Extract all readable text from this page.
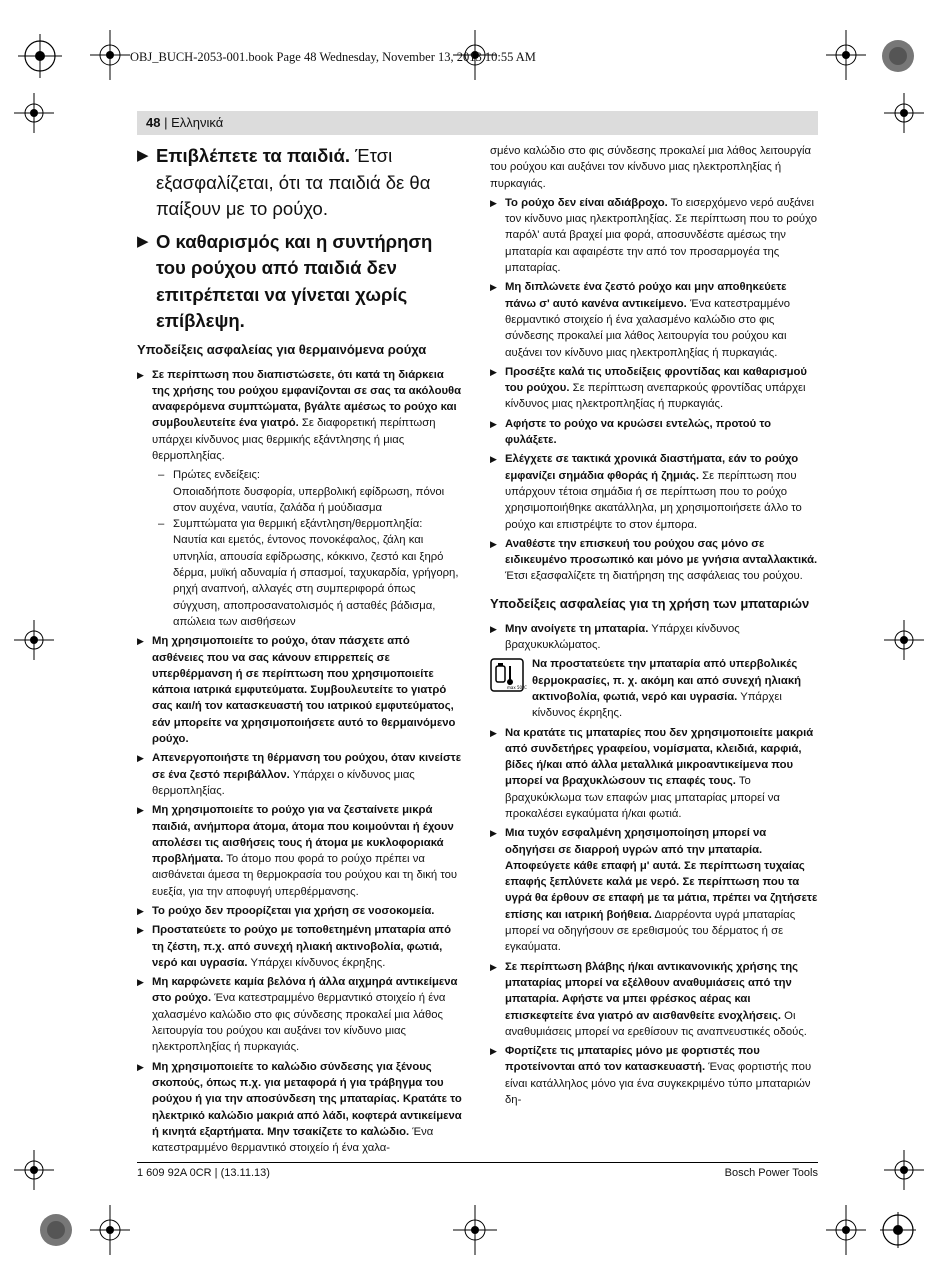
OBJ_BUCH-2053-001.book Page 48 Wednesday, November 13, 2013 10:55 AM
48 | Ελληνικά
▶ Επιβλέπετε τα παιδιά. Έτσι εξασφαλίζεται, ότι τα παιδιά δε θα παίξουν με το ρούχο.
▶ Ο καθαρισμός και η συντήρηση του ρούχου από παιδιά δεν επιτρέπεται να γίνεται χωρίς επίβλεψη.
Υποδείξεις ασφαλείας για θερμαινόμενα ρούχα
▶ Σε περίπτωση που διαπιστώσετε, ότι κατά τη διάρκεια της χρήσης του ρούχου εμφανίζονται σε σας τα ακόλουθα αναφερόμενα συμπτώματα, βγάλτε αμέσως το ρούχο και συμβουλευτείτε ένα γιατρό. Σε διαφορετική περίπτωση υπάρχει κίνδυνος μιας θερμικής εξάντλησης ή μιας θερμοπληξίας.
– Πρώτες ενδείξεις:
Οποιαδήποτε δυσφορία, υπερβολική εφίδρωση, πόνοι στον αυχένα, ναυτία, ζαλάδα ή μούδιασμα
– Συμπτώματα για θερμική εξάντληση/θερμοπληξία:
Ναυτία και εμετός, έντονος πονοκέφαλος, ζάλη και υπνηλία, απουσία εφίδρωσης, κόκκινο, ζεστό και ξηρό δέρμα, μυϊκή αδυναμία ή σπασμοί, ταχυκαρδία, γρήγορη, ρηχή αναπνοή, αλλαγές στη συμπεριφορά όπως σύγχυση, αποπροσανατολισμός ή ασταθές βάδισμα, απώλεια των αισθήσεων
▶ Μη χρησιμοποιείτε το ρούχο, όταν πάσχετε από ασθένειες που να σας κάνουν επιρρεπείς σε υπερθέρμανση ή σε περίπτωση που χρησιμοποιείτε κάποια ιατρικά εμφυτεύματα. Συμβουλευτείτε το γιατρό σας και/ή τον κατασκευαστή του ιατρικού εμφυτεύματος, εάν μπορείτε να χρησιμοποιήσετε αυτό το θερμαινόμενο ρούχο.
▶ Απενεργοποιήστε τη θέρμανση του ρούχου, όταν κινείστε σε ένα ζεστό περιβάλλον. Υπάρχει ο κίνδυνος μιας θερμοπληξίας.
▶ Μη χρησιμοποιείτε το ρούχο για να ζεσταίνετε μικρά παιδιά, ανήμπορα άτομα, άτομα που κοιμούνται ή έχουν απολέσει τις αισθήσεις τους ή άτομα με κυκλοφοριακά προβλήματα. Το άτομο που φορά το ρούχο πρέπει να αισθάνεται άμεσα τη θερμοκρασία του ρούχου και τη δική του ευεξία, για την αποφυγή υπερθέρμανσης.
▶ Το ρούχο δεν προορίζεται για χρήση σε νοσοκομεία.
▶ Προστατεύετε το ρούχο με τοποθετημένη μπαταρία από τη ζέστη, π.χ. από συνεχή ηλιακή ακτινοβολία, φωτιά, νερό και υγρασία. Υπάρχει κίνδυνος έκρηξης.
▶ Μη καρφώνετε καμία βελόνα ή άλλα αιχμηρά αντικείμενα στο ρούχο. Ένα κατεστραμμένο θερμαντικό στοιχείο ή ένα χαλασμένο καλώδιο στο φις σύνδεσης προκαλεί μια λάθος λειτουργία του ρούχου και αυξάνει τον κίνδυνο μιας ηλεκτροπληξίας ή πυρκαγιάς.
▶ Μη χρησιμοποιείτε το καλώδιο σύνδεσης για ξένους σκοπούς, όπως π.χ. για μεταφορά ή για τράβηγμα του ρούχου ή για την αποσύνδεση της μπαταρίας. Κρατάτε το ηλεκτρικό καλώδιο μακριά από λάδι, κοφτερά αντικείμενα ή κινητά εξαρτήματα. Μην τσακίζετε το καλώδιο. Ένα κατεστραμμένο θερμαντικό στοιχείο ή ένα χαλα-
σμένο καλώδιο στο φις σύνδεσης προκαλεί μια λάθος λειτουργία του ρούχου και αυξάνει τον κίνδυνο μιας ηλεκτροπληξίας ή πυρκαγιάς.
▶ Το ρούχο δεν είναι αδιάβροχο. Το εισερχόμενο νερό αυξάνει τον κίνδυνο μιας ηλεκτροπληξίας. Σε περίπτωση που το ρούχο παρόλ' αυτά βραχεί μια φορά, αποσυνδέστε αμέσως την μπαταρία και αφαιρέστε την από τον προσαρμογέα της μπαταρίας.
▶ Μη διπλώνετε ένα ζεστό ρούχο και μην αποθηκεύετε πάνω σ' αυτό κανένα αντικείμενο. Ένα κατεστραμμένο θερμαντικό στοιχείο ή ένα χαλασμένο καλώδιο στο φις σύνδεσης προκαλεί μια λάθος λειτουργία του ρούχου και αυξάνει τον κίνδυνο μιας ηλεκτροπληξίας ή πυρκαγιάς.
▶ Προσέξτε καλά τις υποδείξεις φροντίδας και καθαρισμού του ρούχου. Σε περίπτωση ανεπαρκούς φροντίδας υπάρχει κίνδυνος μιας ηλεκτροπληξίας ή πυρκαγιάς.
▶ Αφήστε το ρούχο να κρυώσει εντελώς, προτού το φυλάξετε.
▶ Ελέγχετε σε τακτικά χρονικά διαστήματα, εάν το ρούχο εμφανίζει σημάδια φθοράς ή ζημιάς. Σε περίπτωση που υπάρχουν τέτοια σημάδια ή σε περίπτωση που το ρούχο χρησιμοποιήθηκε ακατάλληλα, μη χρησιμοποιήσετε άλλο το ρούχο και επιστρέψτε το στον έμπορα.
▶ Αναθέστε την επισκευή του ρούχου σας μόνο σε ειδικευμένο προσωπικό και μόνο με γνήσια ανταλλακτικά. Έτσι εξασφαλίζετε τη διατήρηση της ασφάλειας του ρούχου.
Υποδείξεις ασφαλείας για τη χρήση των μπαταριών
▶ Μην ανοίγετε τη μπαταρία. Υπάρχει κίνδυνος βραχυκυκλώματος.
max 50°C
Να προστατεύετε την μπαταρία από υπερβολικές θερμοκρασίες, π. χ. ακόμη και από συνεχή ηλιακή ακτινοβολία, φωτιά, νερό και υγρασία. Υπάρχει κίνδυνος έκρηξης.
▶ Να κρατάτε τις μπαταρίες που δεν χρησιμοποιείτε μακριά από συνδετήρες γραφείου, νομίσματα, κλειδιά, καρφιά, βίδες ή/και από άλλα μεταλλικά μικροαντικείμενα που μπορεί να βραχυκλώσουν τις επαφές τους. Το βραχυκύκλωμα των επαφών μιας μπαταρίας μπορεί να προκαλέσει εγκαύματα ή/και φωτιά.
▶ Μια τυχόν εσφαλμένη χρησιμοποίηση μπορεί να οδηγήσει σε διαρροή υγρών από την μπαταρία. Αποφεύγετε κάθε επαφή μ' αυτά. Σε περίπτωση τυχαίας επαφής ξεπλύνετε καλά με νερό. Σε περίπτωση που τα υγρά θα έρθουν σε επαφή με τα μάτια, πρέπει να ζητήσετε επίσης και ιατρική βοήθεια. Διαρρέοντα υγρά μπαταρίας μπορεί να οδηγήσουν σε ερεθισμούς του δέρματος ή σε εγκαύματα.
▶ Σε περίπτωση βλάβης ή/και αντικανονικής χρήσης της μπαταρίας μπορεί να εξέλθουν αναθυμιάσεις από την μπαταρία. Αφήστε να μπει φρέσκος αέρας και επισκεφτείτε ένα γιατρό αν αισθανθείτε ενοχλήσεις. Οι αναθυμιάσεις μπορεί να ερεθίσουν τις αναπνευστικές οδούς.
▶ Φορτίζετε τις μπαταρίες μόνο με φορτιστές που προτείνονται από τον κατασκευαστή. Ένας φορτιστής που είναι κατάλληλος μόνο για ένα συγκεκριμένο τύπο μπαταριών δη-
1 609 92A 0CR | (13.11.13)	Bosch Power Tools
